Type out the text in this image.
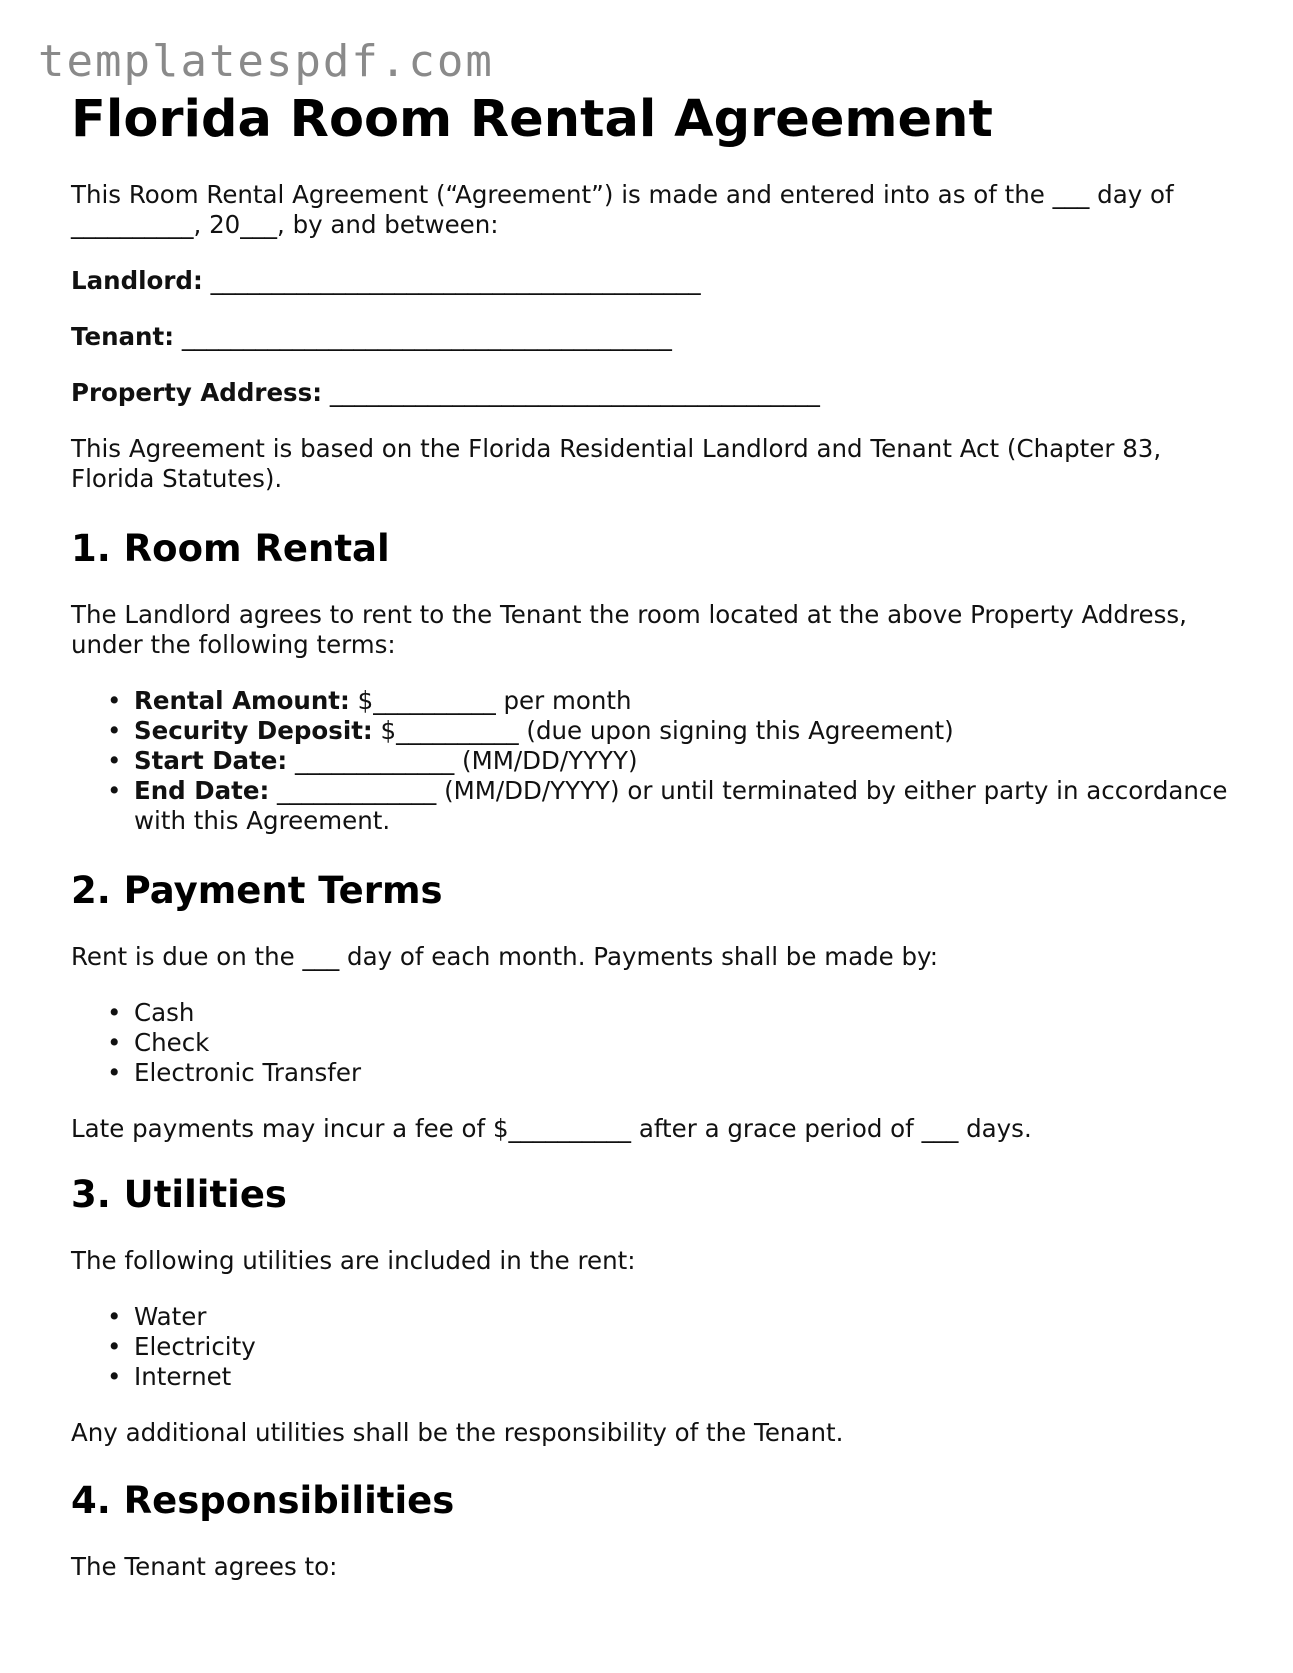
templatespdf.com
Florida Room Rental Agreement

This Room Rental Agreement (“Agreement”) is made and entered into as of the ___ day of __________, 20___, by and between:

Landlord: ________________________________________

Tenant: ________________________________________

Property Address: ________________________________________

This Agreement is based on the Florida Residential Landlord and Tenant Act (Chapter 83, Florida Statutes).

1. Room Rental

The Landlord agrees to rent to the Tenant the room located at the above Property Address, under the following terms:

• Rental Amount: $__________ per month
• Security Deposit: $__________ (due upon signing this Agreement)
• Start Date: _____________ (MM/DD/YYYY)
• End Date: _____________ (MM/DD/YYYY) or until terminated by either party in accordance with this Agreement.
2. Payment Terms

Rent is due on the ___ day of each month. Payments shall be made by:

• Cash
• Check
• Electronic Transfer

Late payments may incur a fee of $__________ after a grace period of ___ days.

3. Utilities

The following utilities are included in the rent:

• Water
• Electricity
• Internet

Any additional utilities shall be the responsibility of the Tenant.

4. Responsibilities

The Tenant agrees to:
